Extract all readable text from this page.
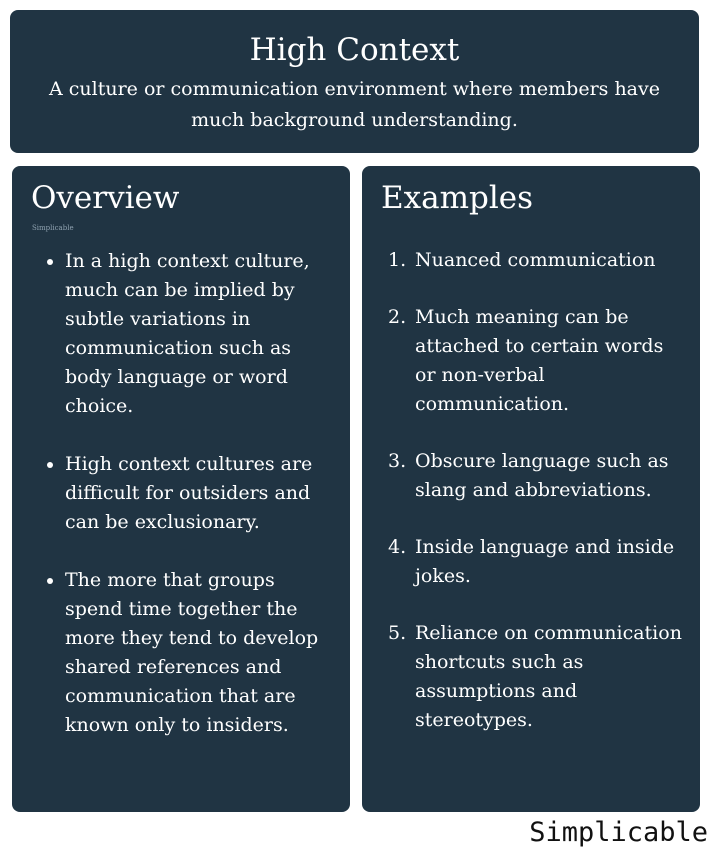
High Context
A culture or communication environment where members have much background understanding.
Overview
Simplicable
In a high context culture, much can be implied by subtle variations in communication such as body language or word choice.
High context cultures are difficult for outsiders and can be exclusionary.
The more that groups spend time together the more they tend to develop shared references and communication that are known only to insiders.
Examples
1. Nuanced communication
2. Much meaning can be attached to certain words or non-verbal communication.
3. Obscure language such as slang and abbreviations.
4. Inside language and inside jokes.
5. Reliance on communication shortcuts such as assumptions and stereotypes.
Simplicable
